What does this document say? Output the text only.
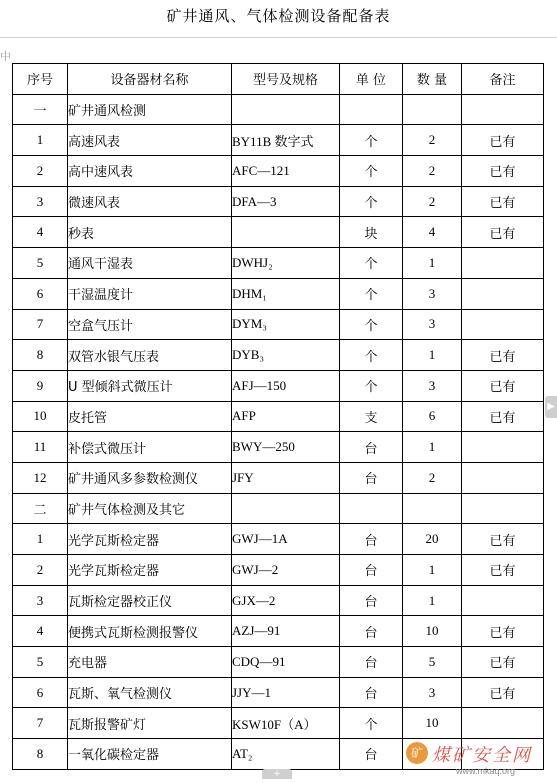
矿井通风、气体检测设备配备表
中
序号	设备器材名称	型号及规格	单 位	数 量	备注
一	矿井通风检测				
1	高速风表	BY11B 数字式	个	2	已有
2	高中速风表	AFC—121	个	2	已有
3	微速风表	DFA—3	个	2	已有
4	秒表		块	4	已有
5	通风干湿表	DWHJ₂	个	1	
6	干湿温度计	DHM₁	个	3	
7	空盒气压计	DYM₃	个	3	
8	双管水银气压表	DYB₃	个	1	已有
9	U 型倾斜式微压计	AFJ—150	个	3	已有
10	皮托管	AFP	支	6	已有
11	补偿式微压计	BWY—250	台	1	
12	矿井通风多参数检测仪	JFY	台	2	
二	矿井气体检测及其它				
1	光学瓦斯检定器	GWJ—1A	台	20	已有
2	光学瓦斯检定器	GWJ—2	台	1	已有
3	瓦斯检定器校正仪	GJX—2	台	1	
4	便携式瓦斯检测报警仪	AZJ—91	台	10	已有
5	充电器	CDQ—91	台	5	已有
6	瓦斯、氧气检测仪	JJY—1	台	3	已有
7	瓦斯报警矿灯	KSW10F（A）	个	10	
8	一氧化碳检定器	AT₂	台		
▶
+
矿 煤矿安全网
www.mkaq.org
